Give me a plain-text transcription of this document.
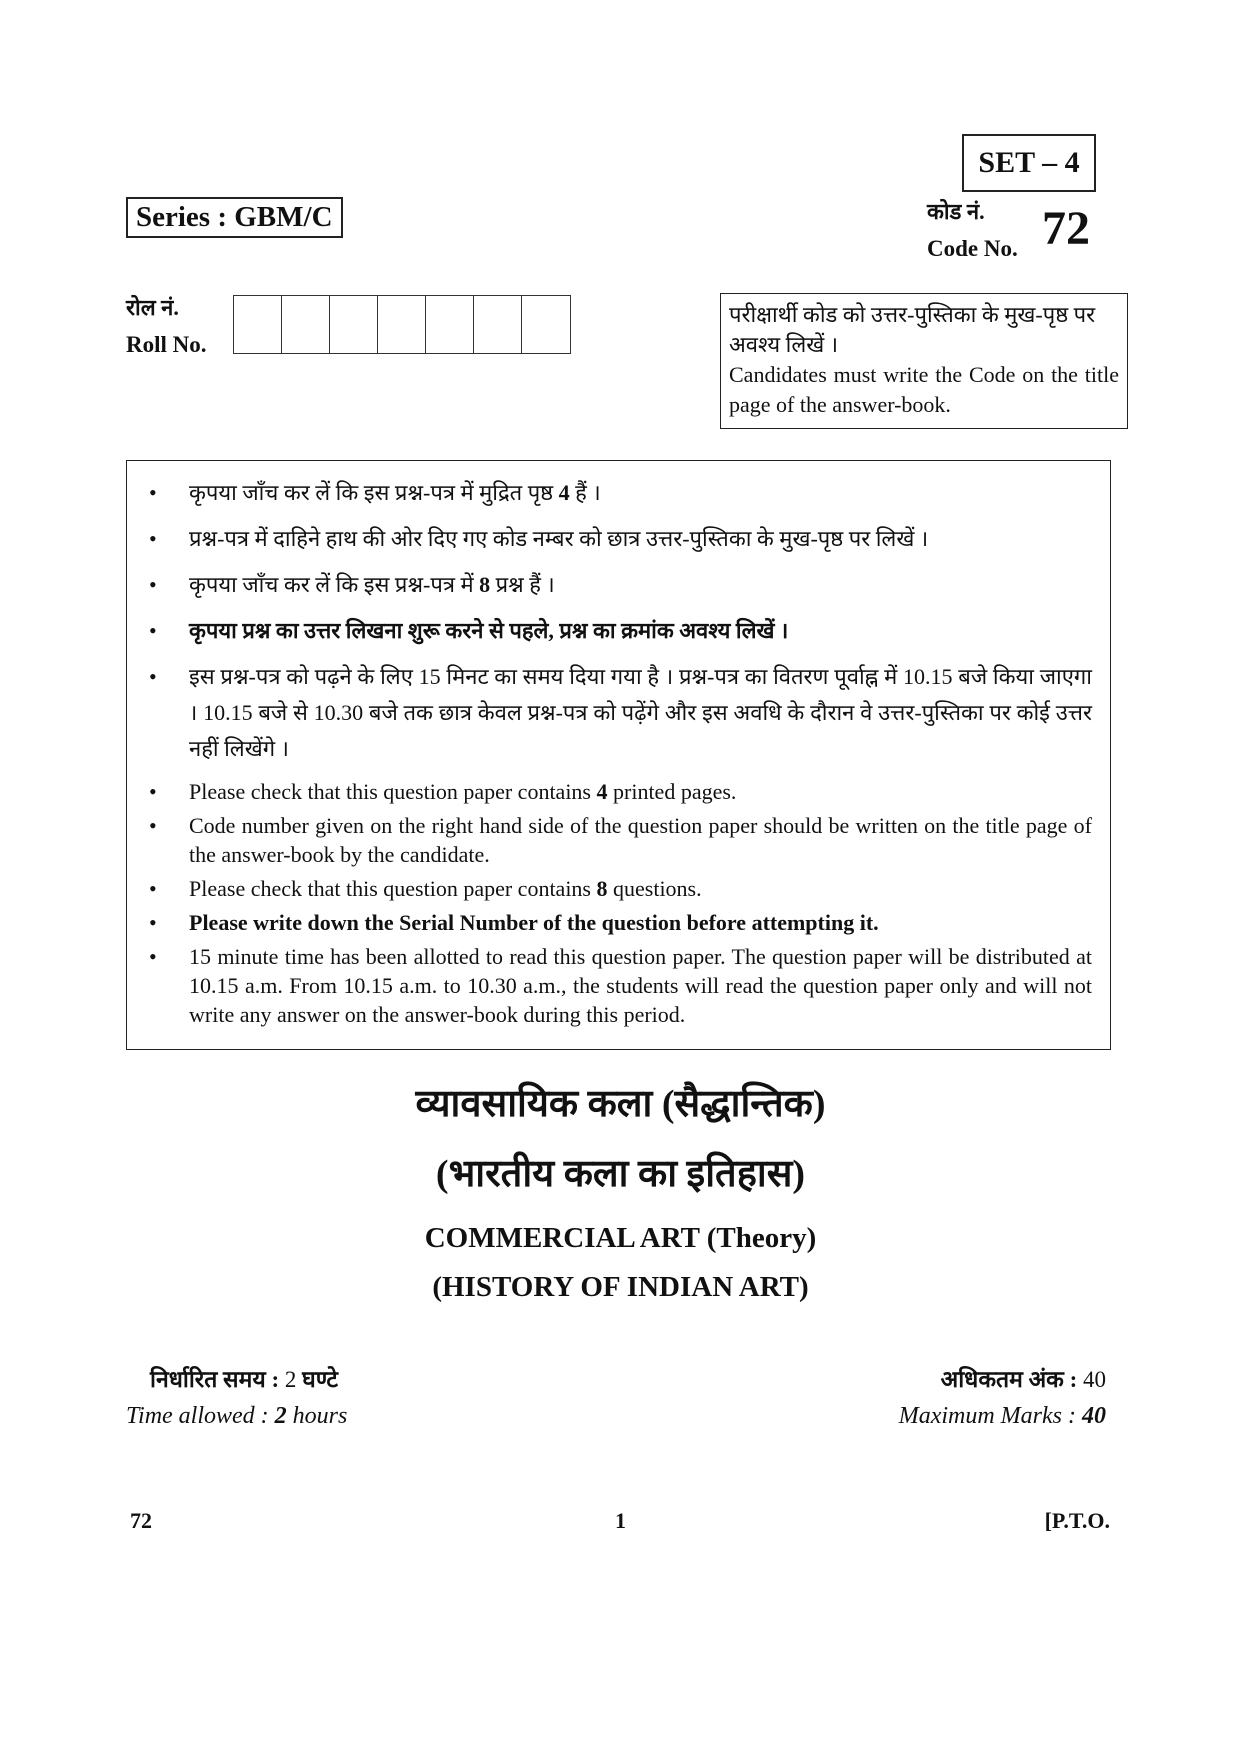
SET – 4
Series : GBM/C	कोड नं.
Code No. 72
रोल नं.
Roll No.
परीक्षार्थी कोड को उत्तर-पुस्तिका के मुख-पृष्ठ पर अवश्य लिखें ।
Candidates must write the Code on the title page of the answer-book.
• कृपया जाँच कर लें कि इस प्रश्न-पत्र में मुद्रित पृष्ठ 4 हैं ।
• प्रश्न-पत्र में दाहिने हाथ की ओर दिए गए कोड नम्बर को छात्र उत्तर-पुस्तिका के मुख-पृष्ठ पर लिखें ।
• कृपया जाँच कर लें कि इस प्रश्न-पत्र में 8 प्रश्न हैं ।
• कृपया प्रश्न का उत्तर लिखना शुरू करने से पहले, प्रश्न का क्रमांक अवश्य लिखें ।
• इस प्रश्न-पत्र को पढ़ने के लिए 15 मिनट का समय दिया गया है । प्रश्न-पत्र का वितरण पूर्वाह्न में 10.15 बजे किया जाएगा । 10.15 बजे से 10.30 बजे तक छात्र केवल प्रश्न-पत्र को पढ़ेंगे और इस अवधि के दौरान वे उत्तर-पुस्तिका पर कोई उत्तर नहीं लिखेंगे ।
• Please check that this question paper contains 4 printed pages.
• Code number given on the right hand side of the question paper should be written on the title page of the answer-book by the candidate.
• Please check that this question paper contains 8 questions.
• Please write down the Serial Number of the question before attempting it.
• 15 minute time has been allotted to read this question paper. The question paper will be distributed at 10.15 a.m. From 10.15 a.m. to 10.30 a.m., the students will read the question paper only and will not write any answer on the answer-book during this period.
व्यावसायिक कला (सैद्धान्तिक)
(भारतीय कला का इतिहास)
COMMERCIAL ART (Theory)
(HISTORY OF INDIAN ART)
निर्धारित समय : 2 घण्टे
Time allowed : 2 hours
अधिकतम अंक : 40
Maximum Marks : 40
72	1	[P.T.O.
